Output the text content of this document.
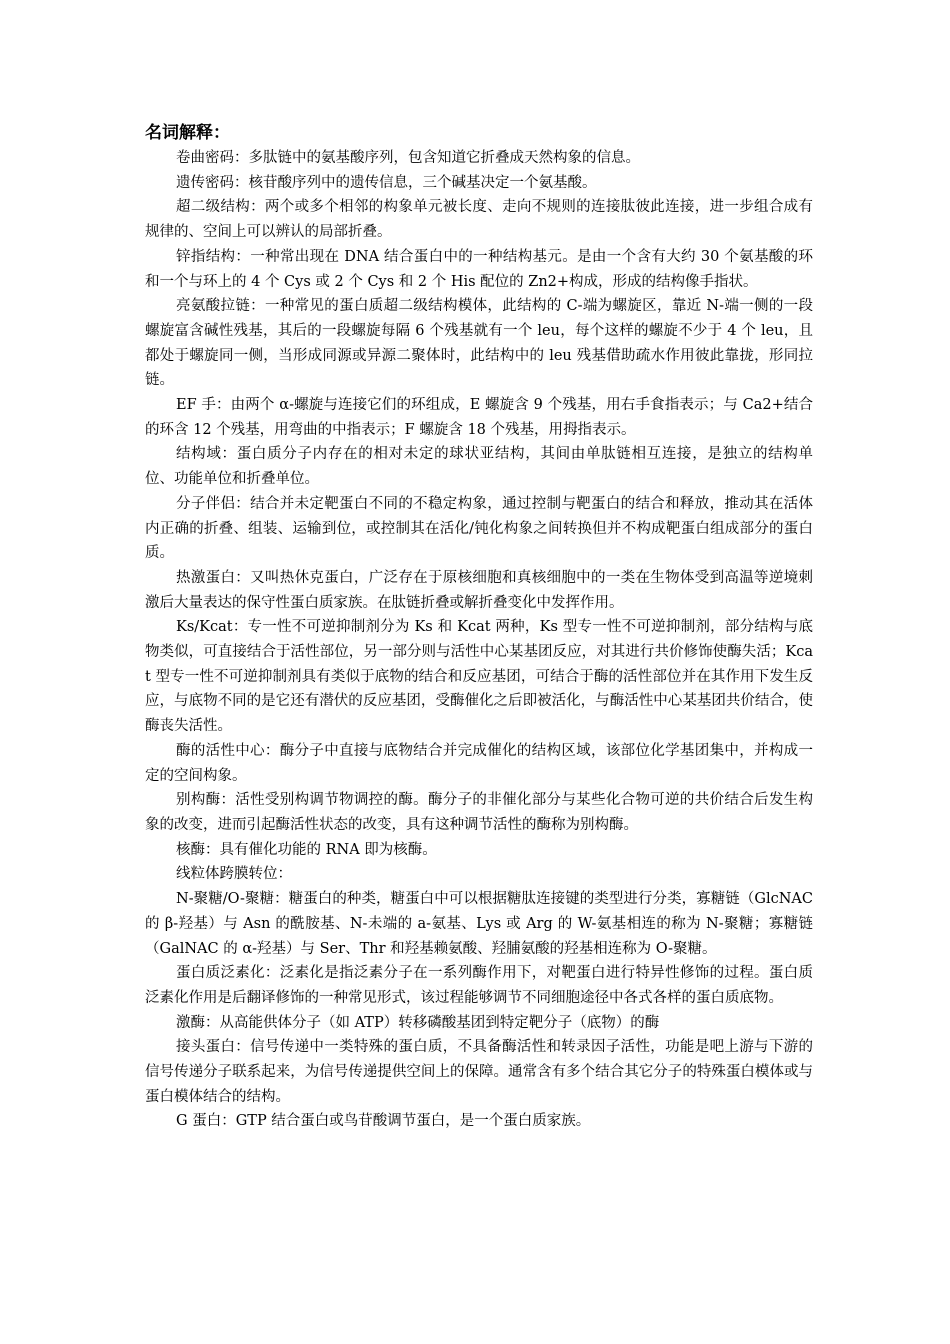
名词解释：

卷曲密码：多肽链中的氨基酸序列，包含知道它折叠成天然构象的信息。

遗传密码：核苷酸序列中的遗传信息，三个碱基决定一个氨基酸。

超二级结构：两个或多个相邻的构象单元被长度、走向不规则的连接肽彼此连接，进一步组合成有规律的、空间上可以辨认的局部折叠。

锌指结构：一种常出现在 DNA 结合蛋白中的一种结构基元。是由一个含有大约 30 个氨基酸的环和一个与环上的 4 个 Cys 或 2 个 Cys 和 2 个 His 配位的 Zn2+构成，形成的结构像手指状。

亮氨酸拉链：一种常见的蛋白质超二级结构模体，此结构的 C-端为螺旋区，靠近 N-端一侧的一段螺旋富含碱性残基，其后的一段螺旋每隔 6 个残基就有一个 leu，每个这样的螺旋不少于 4 个 leu，且都处于螺旋同一侧，当形成同源或异源二聚体时，此结构中的 leu 残基借助疏水作用彼此靠拢，形同拉链。

EF 手：由两个 α-螺旋与连接它们的环组成，E 螺旋含 9 个残基，用右手食指表示；与 Ca2+结合的环含 12 个残基，用弯曲的中指表示；F 螺旋含 18 个残基，用拇指表示。

结构域：蛋白质分子内存在的相对未定的球状亚结构，其间由单肽链相互连接，是独立的结构单位、功能单位和折叠单位。

分子伴侣：结合并未定靶蛋白不同的不稳定构象，通过控制与靶蛋白的结合和释放，推动其在活体内正确的折叠、组装、运输到位，或控制其在活化/钝化构象之间转换但并不构成靶蛋白组成部分的蛋白质。

热激蛋白：又叫热休克蛋白，广泛存在于原核细胞和真核细胞中的一类在生物体受到高温等逆境刺激后大量表达的保守性蛋白质家族。在肽链折叠或解折叠变化中发挥作用。

Ks/Kcat：专一性不可逆抑制剂分为 Ks 和 Kcat 两种，Ks 型专一性不可逆抑制剂，部分结构与底物类似，可直接结合于活性部位，另一部分则与活性中心某基团反应，对其进行共价修饰使酶失活；Kcat 型专一性不可逆抑制剂具有类似于底物的结合和反应基团，可结合于酶的活性部位并在其作用下发生反应，与底物不同的是它还有潜伏的反应基团，受酶催化之后即被活化，与酶活性中心某基团共价结合，使酶丧失活性。

酶的活性中心：酶分子中直接与底物结合并完成催化的结构区域，该部位化学基团集中，并构成一定的空间构象。

别构酶：活性受别构调节物调控的酶。酶分子的非催化部分与某些化合物可逆的共价结合后发生构象的改变，进而引起酶活性状态的改变，具有这种调节活性的酶称为别构酶。

核酶：具有催化功能的 RNA 即为核酶。

线粒体跨膜转位：

N-聚糖/O-聚糖：糖蛋白的种类，糖蛋白中可以根据糖肽连接键的类型进行分类，寡糖链（GlcNAC 的 β-羟基）与 Asn 的酰胺基、N-未端的 a-氨基、Lys 或 Arg 的 W-氨基相连的称为 N-聚糖；寡糖链（GalNAC 的 α-羟基）与 Ser、Thr 和羟基赖氨酸、羟脯氨酸的羟基相连称为 O-聚糖。

蛋白质泛素化：泛素化是指泛素分子在一系列酶作用下，对靶蛋白进行特异性修饰的过程。蛋白质泛素化作用是后翻译修饰的一种常见形式，该过程能够调节不同细胞途径中各式各样的蛋白质底物。

激酶：从高能供体分子（如 ATP）转移磷酸基团到特定靶分子（底物）的酶

接头蛋白：信号传递中一类特殊的蛋白质，不具备酶活性和转录因子活性，功能是吧上游与下游的信号传递分子联系起来，为信号传递提供空间上的保障。通常含有多个结合其它分子的特殊蛋白模体或与蛋白模体结合的结构。

G 蛋白：GTP 结合蛋白或鸟苷酸调节蛋白，是一个蛋白质家族。
